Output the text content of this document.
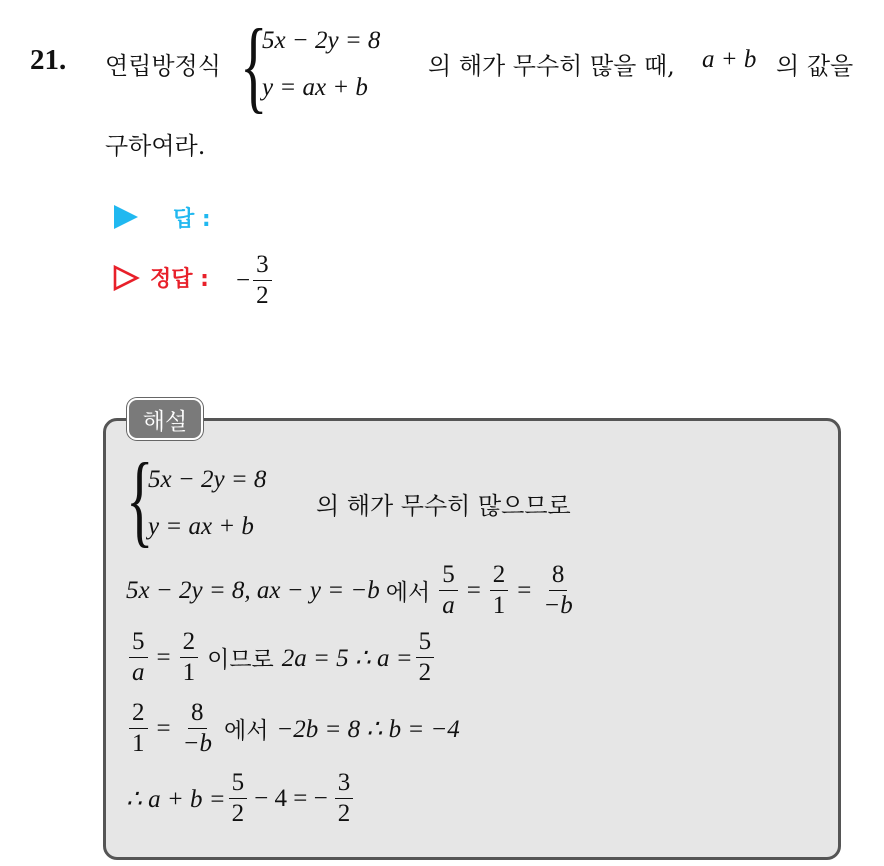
21. 연립방정식 {
5x − 2y = 8
y = ax + b
의 해가 무수히 많을 때, a + b 의 값을
구하여라.
답 :
정답 : − $\frac{3}{2}$
해설
{
5x − 2y = 8
y = ax + b
의 해가 무수히 많으므로
5x − 2y = 8, ax − y = −b 에서 $\frac{5}{a} = \frac{2}{1} = \frac{8}{-b}$
$\frac{5}{a} = \frac{2}{1}$ 이므로 2a = 5 ∴ $a = \frac{5}{2}$
$\frac{2}{1} = \frac{8}{-b}$ 에서 −2b = 8 ∴ b = −4
∴ $a + b = \frac{5}{2} - 4$ = − $\frac{3}{2}$
